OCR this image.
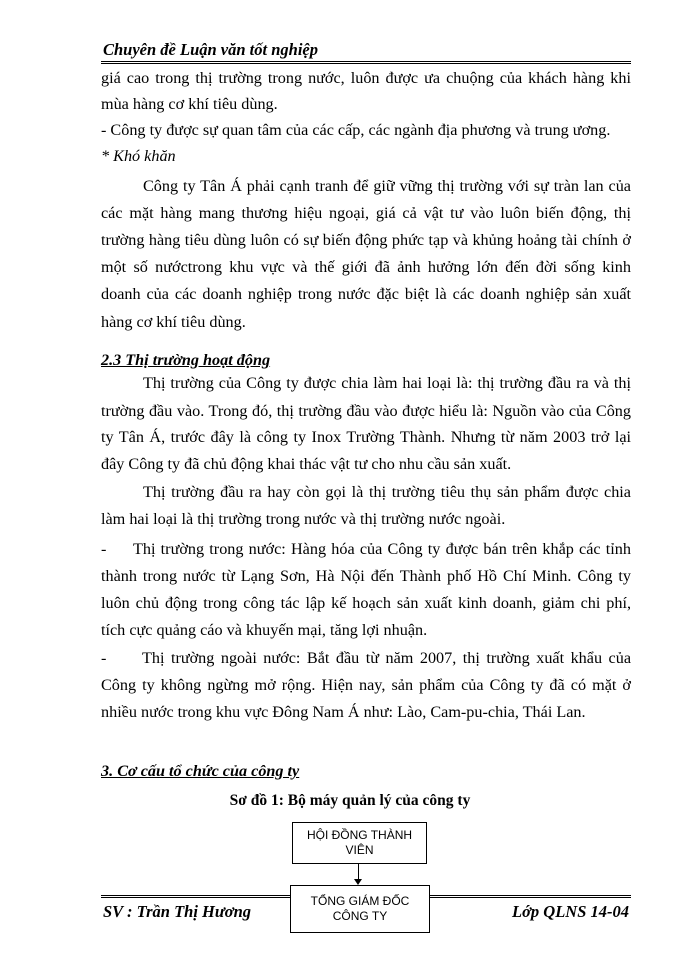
Chuyên đề Luận văn tốt nghiệp
giá cao trong thị trường trong nước, luôn được ưa chuộng của khách hàng khi
mùa hàng cơ khí tiêu dùng.
- Công ty được sự quan tâm của các cấp, các ngành địa phương và trung ương.
* Khó khăn
Công ty Tân Á phải cạnh tranh để giữ vững thị trường với sự tràn lan của
các mặt hàng mang thương hiệu ngoại, giá cả vật tư vào luôn biến động, thị
trường hàng tiêu dùng luôn có sự biến động phức tạp và khủng hoảng tài chính ở
một số nướctrong khu vực và thế giới đã ảnh hưởng lớn đến đời sống kinh
doanh của các doanh nghiệp trong nước đặc biệt là các doanh nghiệp sản xuất
hàng cơ khí tiêu dùng.
2.3 Thị trường hoạt động
Thị trường của Công ty được chia làm hai loại là: thị trường đầu ra và thị
trường đầu vào. Trong đó, thị trường đầu vào được hiểu là: Nguồn vào của Công
ty Tân Á, trước đây là công ty Inox Trường Thành. Nhưng từ năm 2003 trở lại
đây Công ty đã chủ động khai thác vật tư cho nhu cầu sản xuất.
Thị trường đầu ra hay còn gọi là thị trường tiêu thụ sản phẩm được chia
làm hai loại là thị trường trong nước và thị trường nước ngoài.
-	Thị trường trong nước: Hàng hóa của Công ty được bán trên khắp các tỉnh
thành trong nước từ Lạng Sơn, Hà Nội đến Thành phố Hồ Chí Minh. Công ty
luôn chủ động trong công tác lập kế hoạch sản xuất kinh doanh, giảm chi phí,
tích cực quảng cáo và khuyến mại, tăng lợi nhuận.
-	Thị trường ngoài nước: Bắt đầu từ năm 2007, thị trường xuất khẩu của
Công ty không ngừng mở rộng. Hiện nay, sản phẩm của Công ty đã có mặt ở
nhiều nước trong khu vực Đông Nam Á như: Lào, Cam-pu-chia, Thái Lan.
3. Cơ cấu tổ chức của công ty
Sơ đồ 1: Bộ máy quản lý của công ty
HỘI ĐỒNG THÀNH
VIÊN
SV : Trần Thị Hương	Lớp QLNS 14-04
TỔNG GIÁM ĐỐC
CÔNG TY
